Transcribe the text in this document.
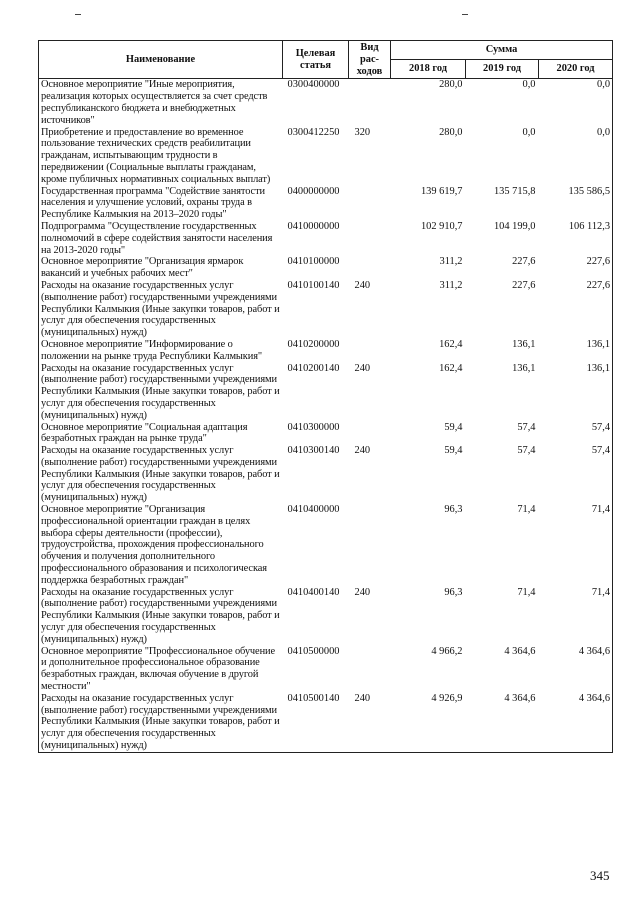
Наименование	Целевая статья	Вид рас-ходов	Сумма		
			2018 год	2019 год	2020 год
Основное мероприятие "Иные мероприятия, реализация которых осуществляется за счет средств республиканского бюджета и внебюджетных источников"	0300400000		280,0	0,0	0,0
Приобретение и предоставление во временное пользование технических средств реабилитации гражданам, испытывающим трудности в передвижении (Социальные выплаты гражданам, кроме публичных нормативных социальных выплат)	0300412250	320	280,0	0,0	0,0
Государственная программа "Содействие занятости населения и улучшение условий, охраны труда в Республике Калмыкия на 2013–2020 годы"	0400000000		139 619,7	135 715,8	135 586,5
Подпрограмма "Осуществление государственных полномочий в сфере содействия занятости населения на 2013-2020 годы"	0410000000		102 910,7	104 199,0	106 112,3
Основное мероприятие "Организация ярмарок вакансий и учебных рабочих мест"	0410100000		311,2	227,6	227,6
Расходы на оказание государственных услуг (выполнение работ) государственными учреждениями Республики Калмыкия (Иные закупки товаров, работ и услуг для обеспечения государственных (муниципальных) нужд)	0410100140	240	311,2	227,6	227,6
Основное мероприятие "Информирование о положении на рынке труда Республики Калмыкия"	0410200000		162,4	136,1	136,1
Расходы на оказание государственных услуг (выполнение работ) государственными учреждениями Республики Калмыкия (Иные закупки товаров, работ и услуг для обеспечения государственных (муниципальных) нужд)	0410200140	240	162,4	136,1	136,1
Основное мероприятие "Социальная адаптация безработных граждан на рынке труда"	0410300000		59,4	57,4	57,4
Расходы на оказание государственных услуг (выполнение работ) государственными учреждениями Республики Калмыкия (Иные закупки товаров, работ и услуг для обеспечения государственных (муниципальных) нужд)	0410300140	240	59,4	57,4	57,4
Основное мероприятие "Организация профессиональной ориентации граждан в целях выбора сферы деятельности (профессии), трудоустройства, прохождения профессионального обучения и получения дополнительного профессионального образования и психологическая поддержка безработных граждан"	0410400000		96,3	71,4	71,4
Расходы на оказание государственных услуг (выполнение работ) государственными учреждениями Республики Калмыкия (Иные закупки товаров, работ и услуг для обеспечения государственных (муниципальных) нужд)	0410400140	240	96,3	71,4	71,4
Основное мероприятие "Профессиональное обучение и дополнительное профессиональное образование безработных граждан, включая обучение в другой местности"	0410500000		4 966,2	4 364,6	4 364,6
Расходы на оказание государственных услуг (выполнение работ) государственными учреждениями Республики Калмыкия (Иные закупки товаров, работ и услуг для обеспечения государственных (муниципальных) нужд)	0410500140	240	4 926,9	4 364,6	4 364,6
345
